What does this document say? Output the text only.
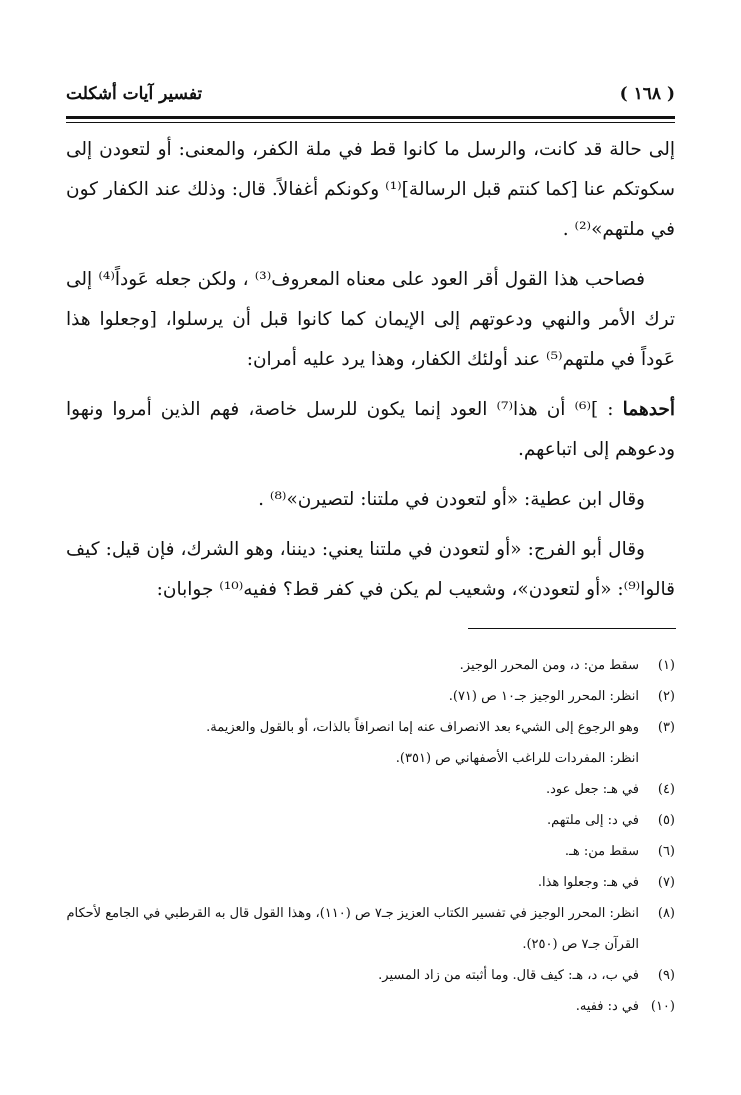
( ١٦٨ )
تفسير آيات أشكلت

إلى حالة قد كانت، والرسل ما كانوا قط في ملة الكفر، والمعنى: أو لتعودن إلى سكوتكم عنا [كما كنتم قبل الرسالة]⁽¹⁾ وكونكم أغفالاً. قال: وذلك عند الكفار كون في ملتهم»⁽²⁾ .

فصاحب هذا القول أقر العود على معناه المعروف⁽³⁾ ، ولكن جعله عَوداً⁽⁴⁾ إلى ترك الأمر والنهي ودعوتهم إلى الإيمان كما كانوا قبل أن يرسلوا، [وجعلوا هذا عَوداً في ملتهم⁽⁵⁾ عند أولئك الكفار، وهذا يرد عليه أمران:

أحدهما : ]⁽⁶⁾ أن هذا⁽⁷⁾ العود إنما يكون للرسل خاصة، فهم الذين أمروا ونهوا ودعوهم إلى اتباعهم.

وقال ابن عطية: «أو لتعودن في ملتنا: لتصيرن»⁽⁸⁾ .

وقال أبو الفرج: «أو لتعودن في ملتنا يعني: ديننا، وهو الشرك، فإن قيل: كيف قالوا⁽⁹⁾: «أو لتعودن»، وشعيب لم يكن في كفر قط؟ ففيه⁽¹⁰⁾ جوابان:

(١)
سقط من: د، ومن المحرر الوجيز.
(٢)
انظر: المحرر الوجيز جـ١٠ ص (٧١).
(٣)
وهو الرجوع إلى الشيء بعد الانصراف عنه إما انصرافاً بالذات، أو بالقول والعزيمة.
انظر: المفردات للراغب الأصفهاني ص (٣٥١).
(٤)
في هـ: جعل عود.
(٥)
في د: إلى ملتهم.
(٦)
سقط من: هـ.
(٧)
في هـ: وجعلوا هذا.
(٨)
انظر: المحرر الوجيز في تفسير الكتاب العزيز جـ٧ ص (١١٠)، وهذا القول قال به القرطبي في الجامع لأحكام القرآن جـ٧ ص (٢٥٠).
(٩)
في ب، د، هـ: كيف قال. وما أثبته من زاد المسير.
(١٠)
في د: ففيه.
